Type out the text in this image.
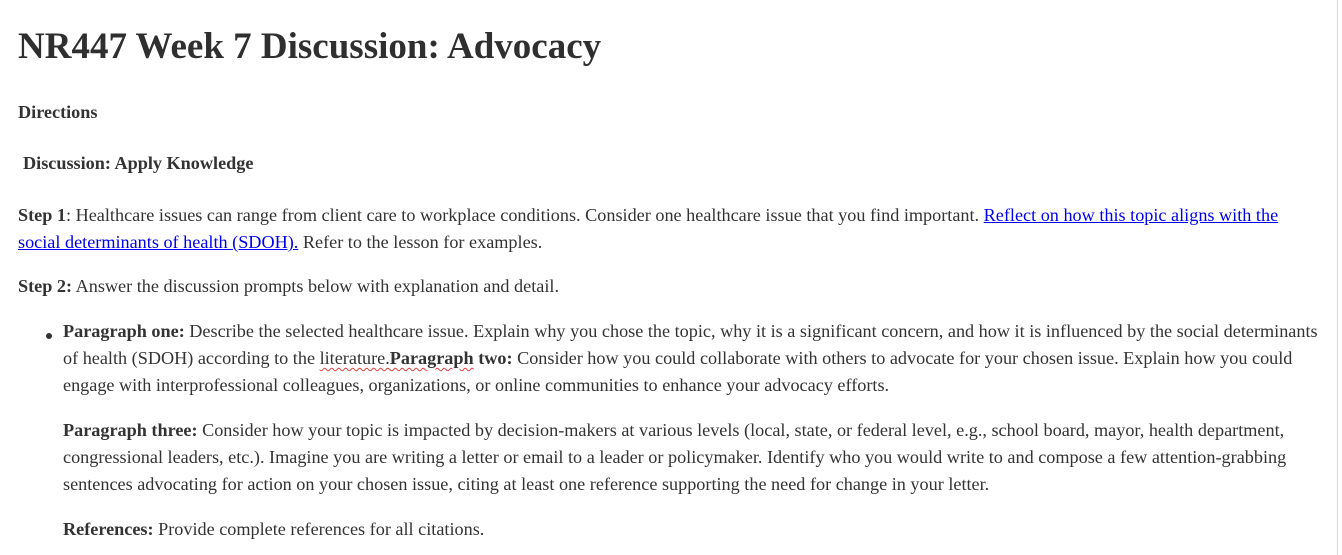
NR447 Week 7 Discussion: Advocacy
Directions
Discussion: Apply Knowledge
Step 1: Healthcare issues can range from client care to workplace conditions. Consider one healthcare issue that you find important. Reflect on how this topic aligns with the social determinants of health (SDOH). Refer to the lesson for examples.
Step 2: Answer the discussion prompts below with explanation and detail.
Paragraph one: Describe the selected healthcare issue. Explain why you chose the topic, why it is a significant concern, and how it is influenced by the social determinants of health (SDOH) according to the literature.Paragraph two: Consider how you could collaborate with others to advocate for your chosen issue. Explain how you could engage with interprofessional colleagues, organizations, or online communities to enhance your advocacy efforts.
Paragraph three: Consider how your topic is impacted by decision-makers at various levels (local, state, or federal level, e.g., school board, mayor, health department, congressional leaders, etc.). Imagine you are writing a letter or email to a leader or policymaker. Identify who you would write to and compose a few attention-grabbing sentences advocating for action on your chosen issue, citing at least one reference supporting the need for change in your letter.
References: Provide complete references for all citations.
